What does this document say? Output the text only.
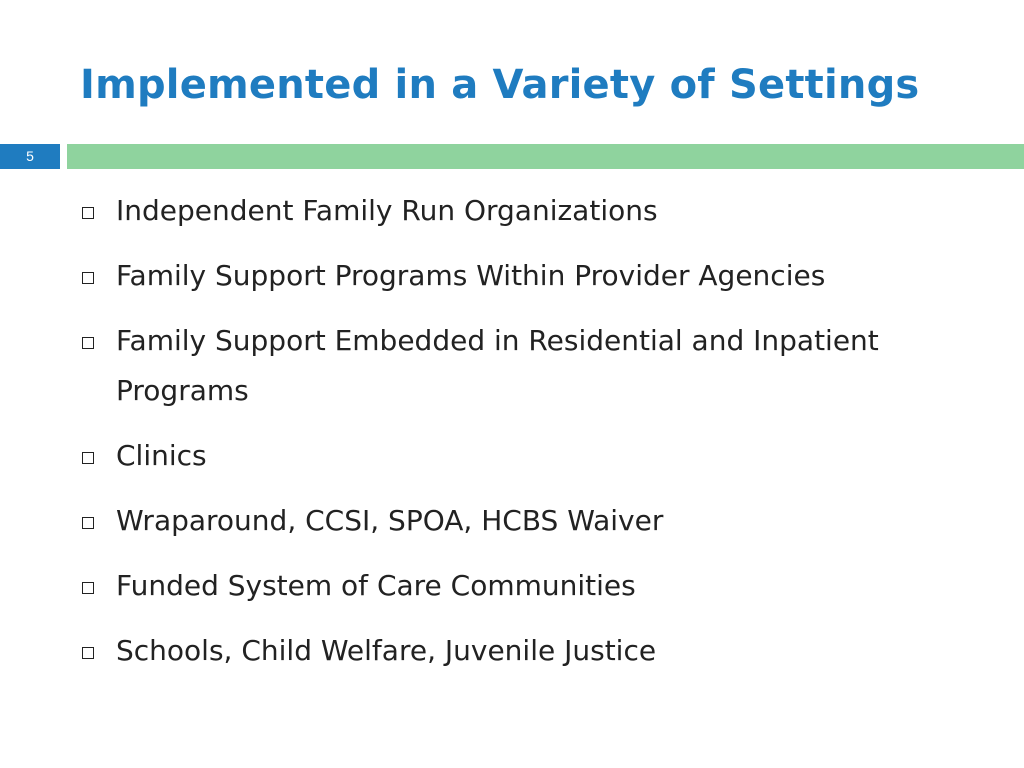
Implemented in a Variety of Settings
5
Independent Family Run Organizations
Family Support Programs Within Provider Agencies
Family Support Embedded in Residential and Inpatient Programs
Clinics
Wraparound, CCSI, SPOA, HCBS Waiver
Funded System of Care Communities
Schools, Child Welfare, Juvenile Justice
